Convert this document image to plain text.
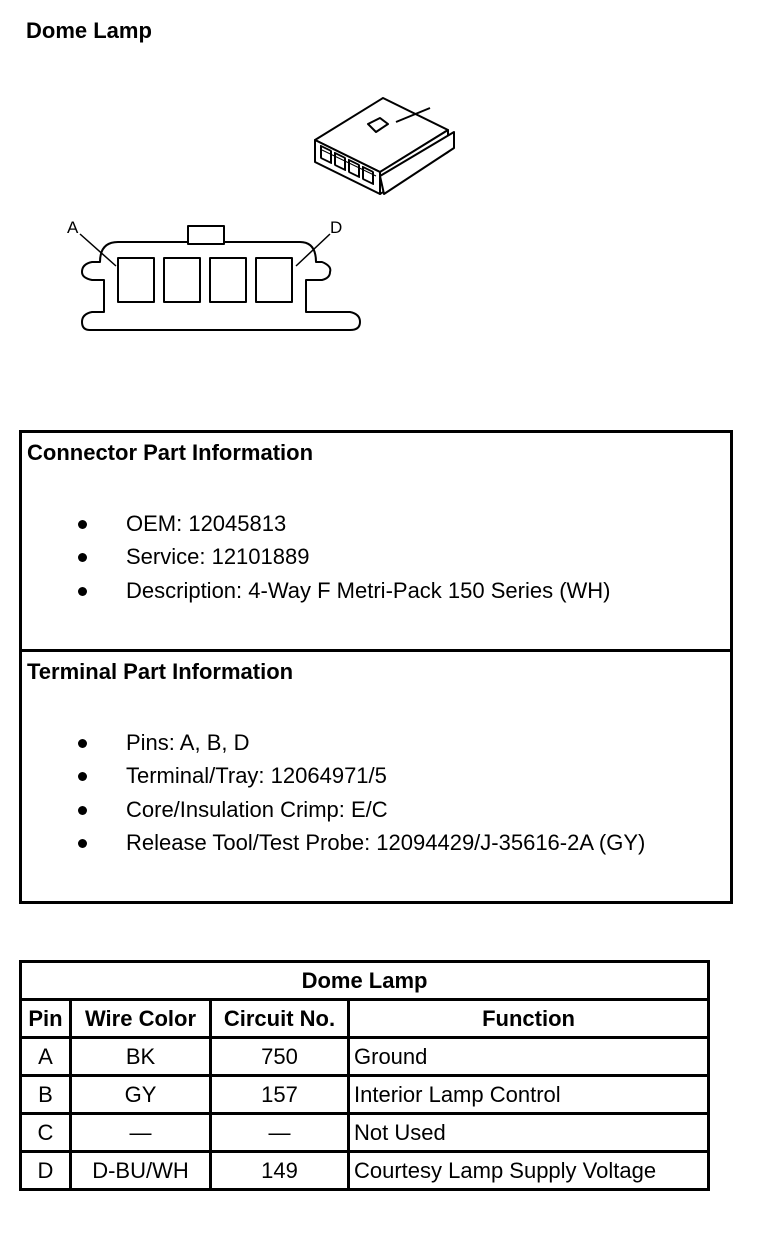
Dome Lamp
A	D
Connector Part Information
OEM: 12045813
Service: 12101889
Description: 4-Way F Metri-Pack 150 Series (WH)
Terminal Part Information
Pins: A, B, D
Terminal/Tray: 12064971/5
Core/Insulation Crimp: E/C
Release Tool/Test Probe: 12094429/J-35616-2A (GY)
Dome Lamp			
Pin	Wire Color	Circuit No.	Function
A	BK	750	Ground
B	GY	157	Interior Lamp Control
C	—	—	Not Used
D	D-BU/WH	149	Courtesy Lamp Supply Voltage
